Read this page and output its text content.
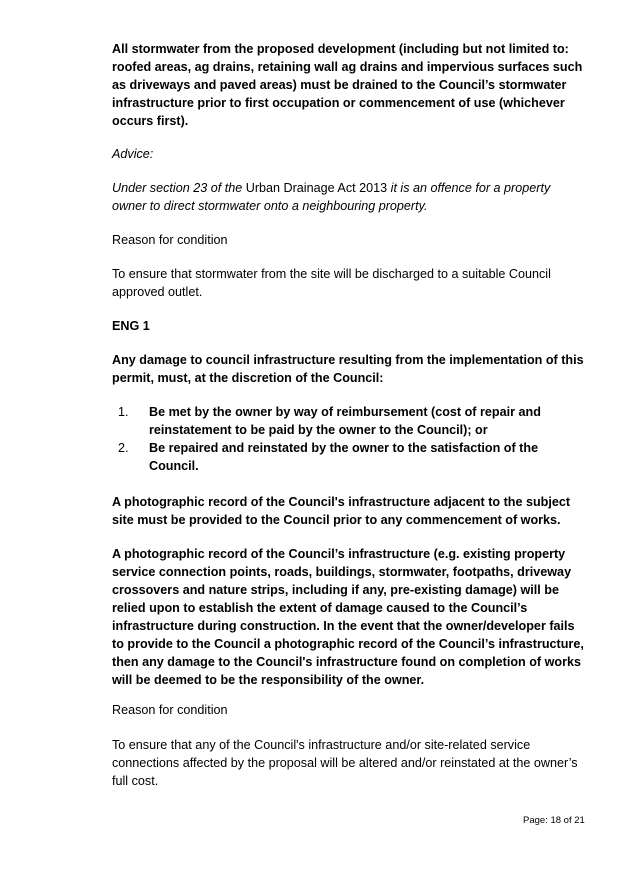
All stormwater from the proposed development (including but not limited to: roofed areas, ag drains, retaining wall ag drains and impervious surfaces such as driveways and paved areas) must be drained to the Council’s stormwater infrastructure prior to first occupation or commencement of use (whichever occurs first).

Advice:

Under section 23 of the Urban Drainage Act 2013 it is an offence for a property owner to direct stormwater onto a neighbouring property.

Reason for condition

To ensure that stormwater from the site will be discharged to a suitable Council approved outlet.

ENG 1

Any damage to council infrastructure resulting from the implementation of this permit, must, at the discretion of the Council:

1. Be met by the owner by way of reimbursement (cost of repair and reinstatement to be paid by the owner to the Council); or

2. Be repaired and reinstated by the owner to the satisfaction of the Council.

A photographic record of the Council's infrastructure adjacent to the subject site must be provided to the Council prior to any commencement of works.

A photographic record of the Council’s infrastructure (e.g. existing property service connection points, roads, buildings, stormwater, footpaths, driveway crossovers and nature strips, including if any, pre-existing damage) will be relied upon to establish the extent of damage caused to the Council’s infrastructure during construction. In the event that the owner/developer fails to provide to the Council a photographic record of the Council’s infrastructure, then any damage to the Council's infrastructure found on completion of works will be deemed to be the responsibility of the owner.

Reason for condition

To ensure that any of the Council's infrastructure and/or site-related service connections affected by the proposal will be altered and/or reinstated at the owner’s full cost.

Page: 18 of 21
